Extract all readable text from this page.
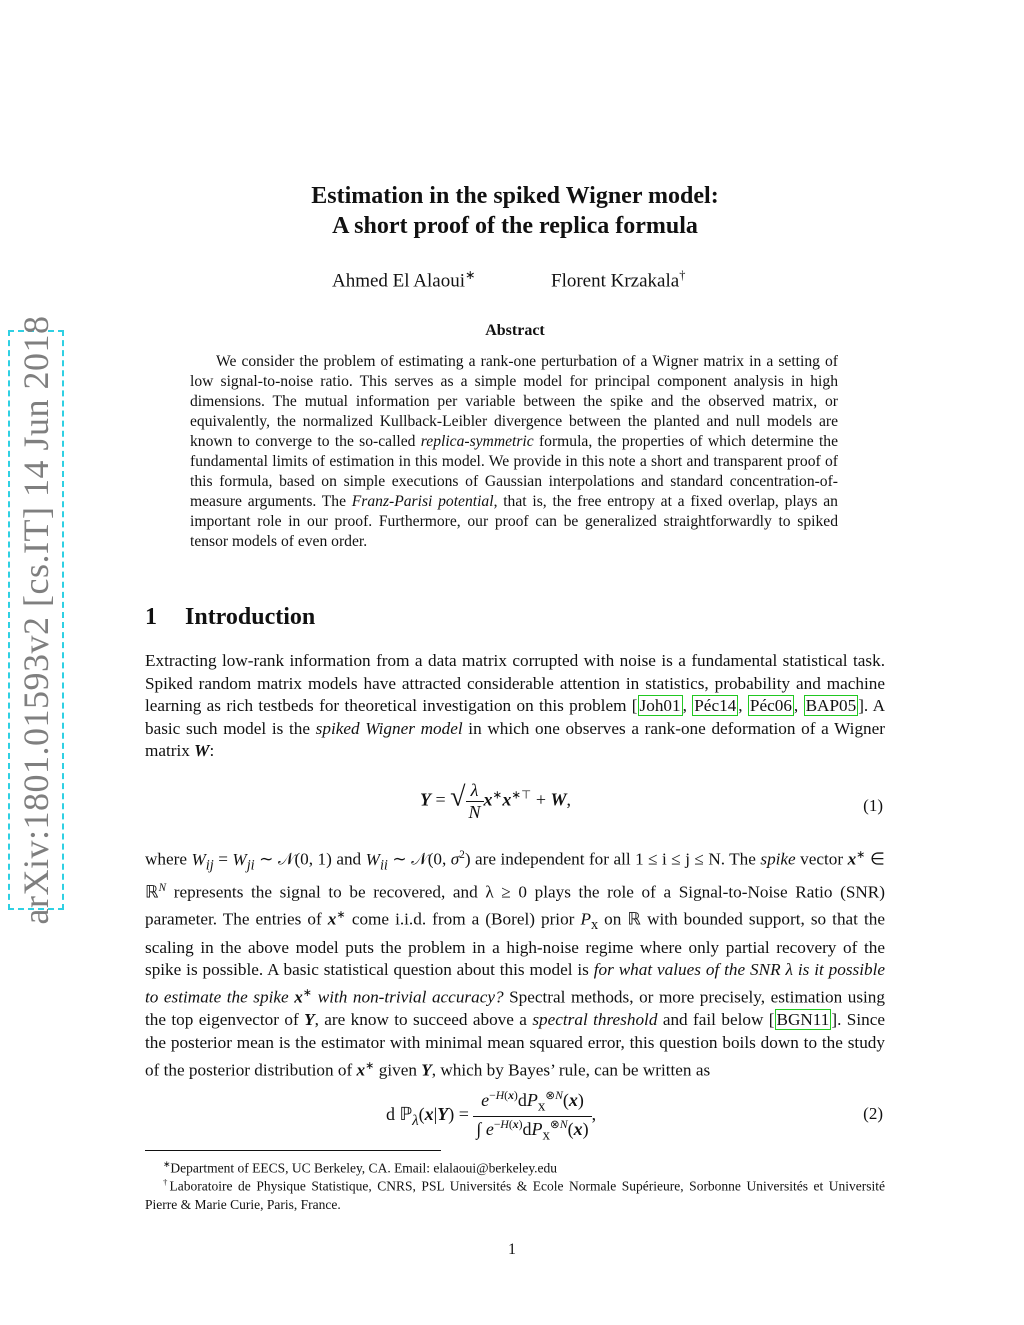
arXiv:1801.01593v2 [cs.IT] 14 Jun 2018
Estimation in the spiked Wigner model:
A short proof of the replica formula
Ahmed El Alaoui∗	Florent Krzakala†
Abstract
We consider the problem of estimating a rank-one perturbation of a Wigner matrix in a setting of low signal-to-noise ratio. This serves as a simple model for principal component analysis in high dimensions. The mutual information per variable between the spike and the observed matrix, or equivalently, the normalized Kullback-Leibler divergence between the planted and null models are known to converge to the so-called replica-symmetric formula, the properties of which determine the fundamental limits of estimation in this model. We provide in this note a short and transparent proof of this formula, based on simple executions of Gaussian interpolations and standard concentration-of-measure arguments. The Franz-Parisi potential, that is, the free entropy at a fixed overlap, plays an important role in our proof. Furthermore, our proof can be generalized straightforwardly to spiked tensor models of even order.
1 Introduction

Extracting low-rank information from a data matrix corrupted with noise is a fundamental statistical task. Spiked random matrix models have attracted considerable attention in statistics, probability and machine learning as rich testbeds for theoretical investigation on this problem [ Joh01 , Péc14 , Péc06 , BAP05 ]. A basic such model is the spiked Wigner model in which one observes a rank-one deformation of a Wigner matrix W:

Y = √ $\frac{\lambda}{N} x^∗x^{∗⊤} + W$,	(1)

where $W_{ij} = W_{ji}$ ∼ 𝒩(0, 1) and $W_{ii}$ ∼ 𝒩(0, $\sigma^2$) are independent for all 1 ≤ i ≤ j ≤ N. The spike vector x∗ ∈ ℝ$^N$ represents the signal to be recovered, and λ ≥ 0 plays the role of a Signal-to-Noise Ratio (SNR) parameter. The entries of x∗ come i.i.d. from a (Borel) prior $P_x$ on ℝ with bounded support, so that the scaling in the above model puts the problem in a high-noise regime where only partial recovery of the spike is possible. A basic statistical question about this model is for what values of the SNR λ is it possible to estimate the spike x∗ with non-trivial accuracy? Spectral methods, or more precisely, estimation using the top eigenvector of Y, are know to succeed above a spectral threshold and fail below [ BGN11 ]. Since the posterior mean is the estimator with minimal mean squared error, this question boils down to the study of the posterior distribution of x∗ given Y, which by Bayes’ rule, can be written as

d ℙ$_\lambda$(x|Y) = $\frac{e^{-H(x)}dP_x^{\otimes N}(x)}{\int e^{-H(x)}dP_x^{\otimes N}(x)}$ ,	(2)
∗Department of EECS, UC Berkeley, CA. Email: elalaoui@berkeley.edu
†Laboratoire de Physique Statistique, CNRS, PSL Universités & Ecole Normale Supérieure, Sorbonne Universités et Université Pierre & Marie Curie, Paris, France.
1
